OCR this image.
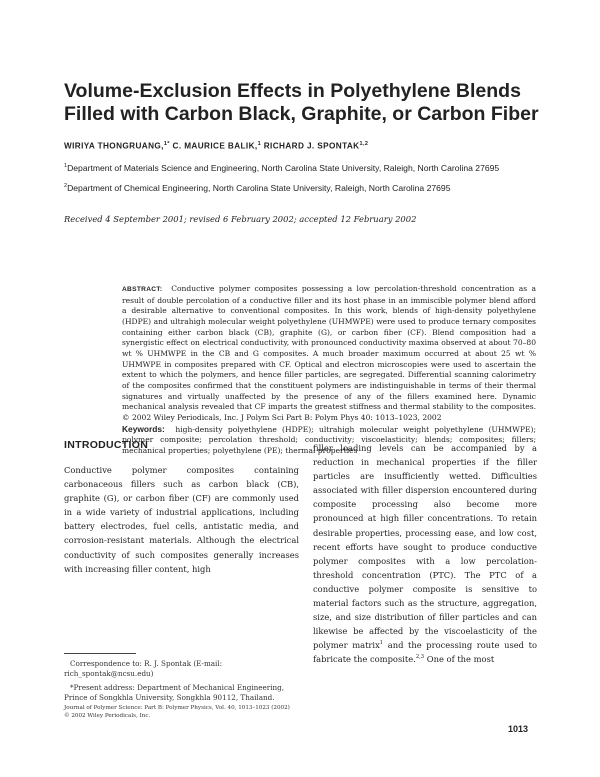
Volume-Exclusion Effects in Polyethylene Blends Filled with Carbon Black, Graphite, or Carbon Fiber
WIRIYA THONGRUANG,$^{1*}$ C. MAURICE BALIK,$^1$ RICHARD J. SPONTAK$^{1,2}$
$^1$Department of Materials Science and Engineering, North Carolina State University, Raleigh, North Carolina 27695
$^2$Department of Chemical Engineering, North Carolina State University, Raleigh, North Carolina 27695
Received 4 September 2001; revised 6 February 2002; accepted 12 February 2002
ABSTRACT: Conductive polymer composites possessing a low percolation-threshold concentration as a result of double percolation of a conductive filler and its host phase in an immiscible polymer blend afford a desirable alternative to conventional composites. In this work, blends of high-density polyethylene (HDPE) and ultrahigh molecular weight polyethylene (UHMWPE) were used to produce ternary composites containing either carbon black (CB), graphite (G), or carbon fiber (CF). Blend composition had a synergistic effect on electrical conductivity, with pronounced conductivity maxima observed at about 70–80 wt % UHMWPE in the CB and G composites. A much broader maximum occurred at about 25 wt % UHMWPE in composites prepared with CF. Optical and electron microscopies were used to ascertain the extent to which the polymers, and hence filler particles, are segregated. Differential scanning calorimetry of the composites confirmed that the constituent polymers are indistinguishable in terms of their thermal signatures and virtually unaffected by the presence of any of the fillers examined here. Dynamic mechanical analysis revealed that CF imparts the greatest stiffness and thermal stability to the composites. © 2002 Wiley Periodicals, Inc. J Polym Sci Part B: Polym Phys 40: 1013–1023, 2002
Keywords: high-density polyethylene (HDPE); ultrahigh molecular weight polyethylene (UHMWPE); polymer composite; percolation threshold; conductivity; viscoelasticity; blends; composites; fillers; mechanical properties; polyethylene (PE); thermal properties
INTRODUCTION
Conductive polymer composites containing carbonaceous fillers such as carbon black (CB), graphite (G), or carbon fiber (CF) are commonly used in a wide variety of industrial applications, including battery electrodes, fuel cells, antistatic media, and corrosion-resistant materials. Although the electrical conductivity of such composites generally increases with increasing filler content, high
filler loading levels can be accompanied by a reduction in mechanical properties if the filler particles are insufficiently wetted. Difficulties associated with filler dispersion encountered during composite processing also become more pronounced at high filler concentrations. To retain desirable properties, processing ease, and low cost, recent efforts have sought to produce conductive polymer composites with a low percolation-threshold concentration (PTC). The PTC of a conductive polymer composite is sensitive to material factors such as the structure, aggregation, size, and size distribution of filler particles and can likewise be affected by the viscoelasticity of the polymer matrix$^1$ and the processing route used to fabricate the composite.$^{2,3}$ One of the most
Correspondence to: R. J. Spontak (E-mail: rich_spontak@ncsu.edu)
*Present address: Department of Mechanical Engineering, Prince of Songkhla University, Songkhla 90112, Thailand.
Journal of Polymer Science: Part B: Polymer Physics, Vol. 40, 1013–1023 (2002)
© 2002 Wiley Periodicals, Inc.
1013
